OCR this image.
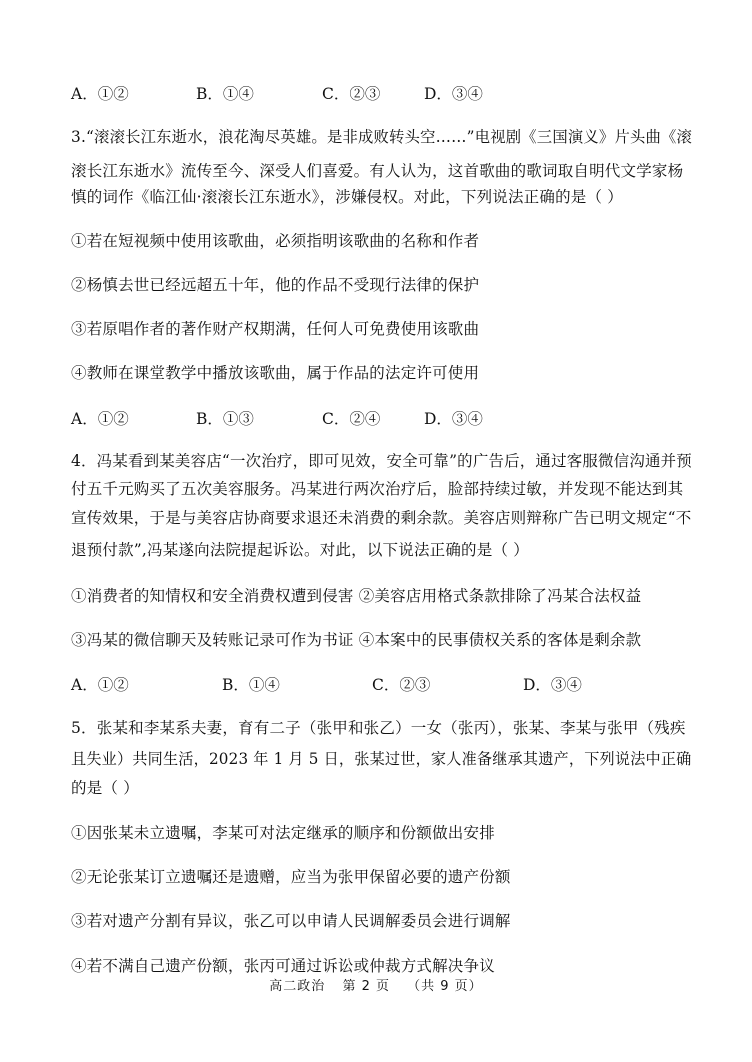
A．①②	B．①④	C．②③	D．③④
3.“滚滚长江东逝水，浪花淘尽英雄。是非成败转头空……”电视剧《三国演义》片头曲《滚
滚长江东逝水》流传至今、深受人们喜爱。有人认为，这首歌曲的歌词取自明代文学家杨
慎的词作《临江仙·滚滚长江东逝水》，涉嫌侵权。对此，下列说法正确的是（ ）
①若在短视频中使用该歌曲，必须指明该歌曲的名称和作者
②杨慎去世已经远超五十年，他的作品不受现行法律的保护
③若原唱作者的著作财产权期满，任何人可免费使用该歌曲
④教师在课堂教学中播放该歌曲，属于作品的法定许可使用
A．①②	B．①③	C．②④	D．③④
4．冯某看到某美容店“一次治疗，即可见效，安全可靠”的广告后，通过客服微信沟通并预
付五千元购买了五次美容服务。冯某进行两次治疗后，脸部持续过敏，并发现不能达到其
宣传效果，于是与美容店协商要求退还未消费的剩余款。美容店则辩称广告已明文规定“不
退预付款”,冯某遂向法院提起诉讼。对此，以下说法正确的是（ ）
①消费者的知情权和安全消费权遭到侵害 ②美容店用格式条款排除了冯某合法权益
③冯某的微信聊天及转账记录可作为书证 ④本案中的民事债权关系的客体是剩余款
A．①②	B．①④	C．②③	D．③④
5．张某和李某系夫妻，育有二子（张甲和张乙）一女（张丙），张某、李某与张甲（残疾
且失业）共同生活，2023 年 1 月 5 日，张某过世，家人准备继承其遗产，下列说法中正确
的是（ ）
①因张某未立遗嘱，李某可对法定继承的顺序和份额做出安排
②无论张某订立遗嘱还是遗赠，应当为张甲保留必要的遗产份额
③若对遗产分割有异议，张乙可以申请人民调解委员会进行调解
④若不满自己遗产份额，张丙可通过诉讼或仲裁方式解决争议
高二政治 第 2 页 （共 9 页）
